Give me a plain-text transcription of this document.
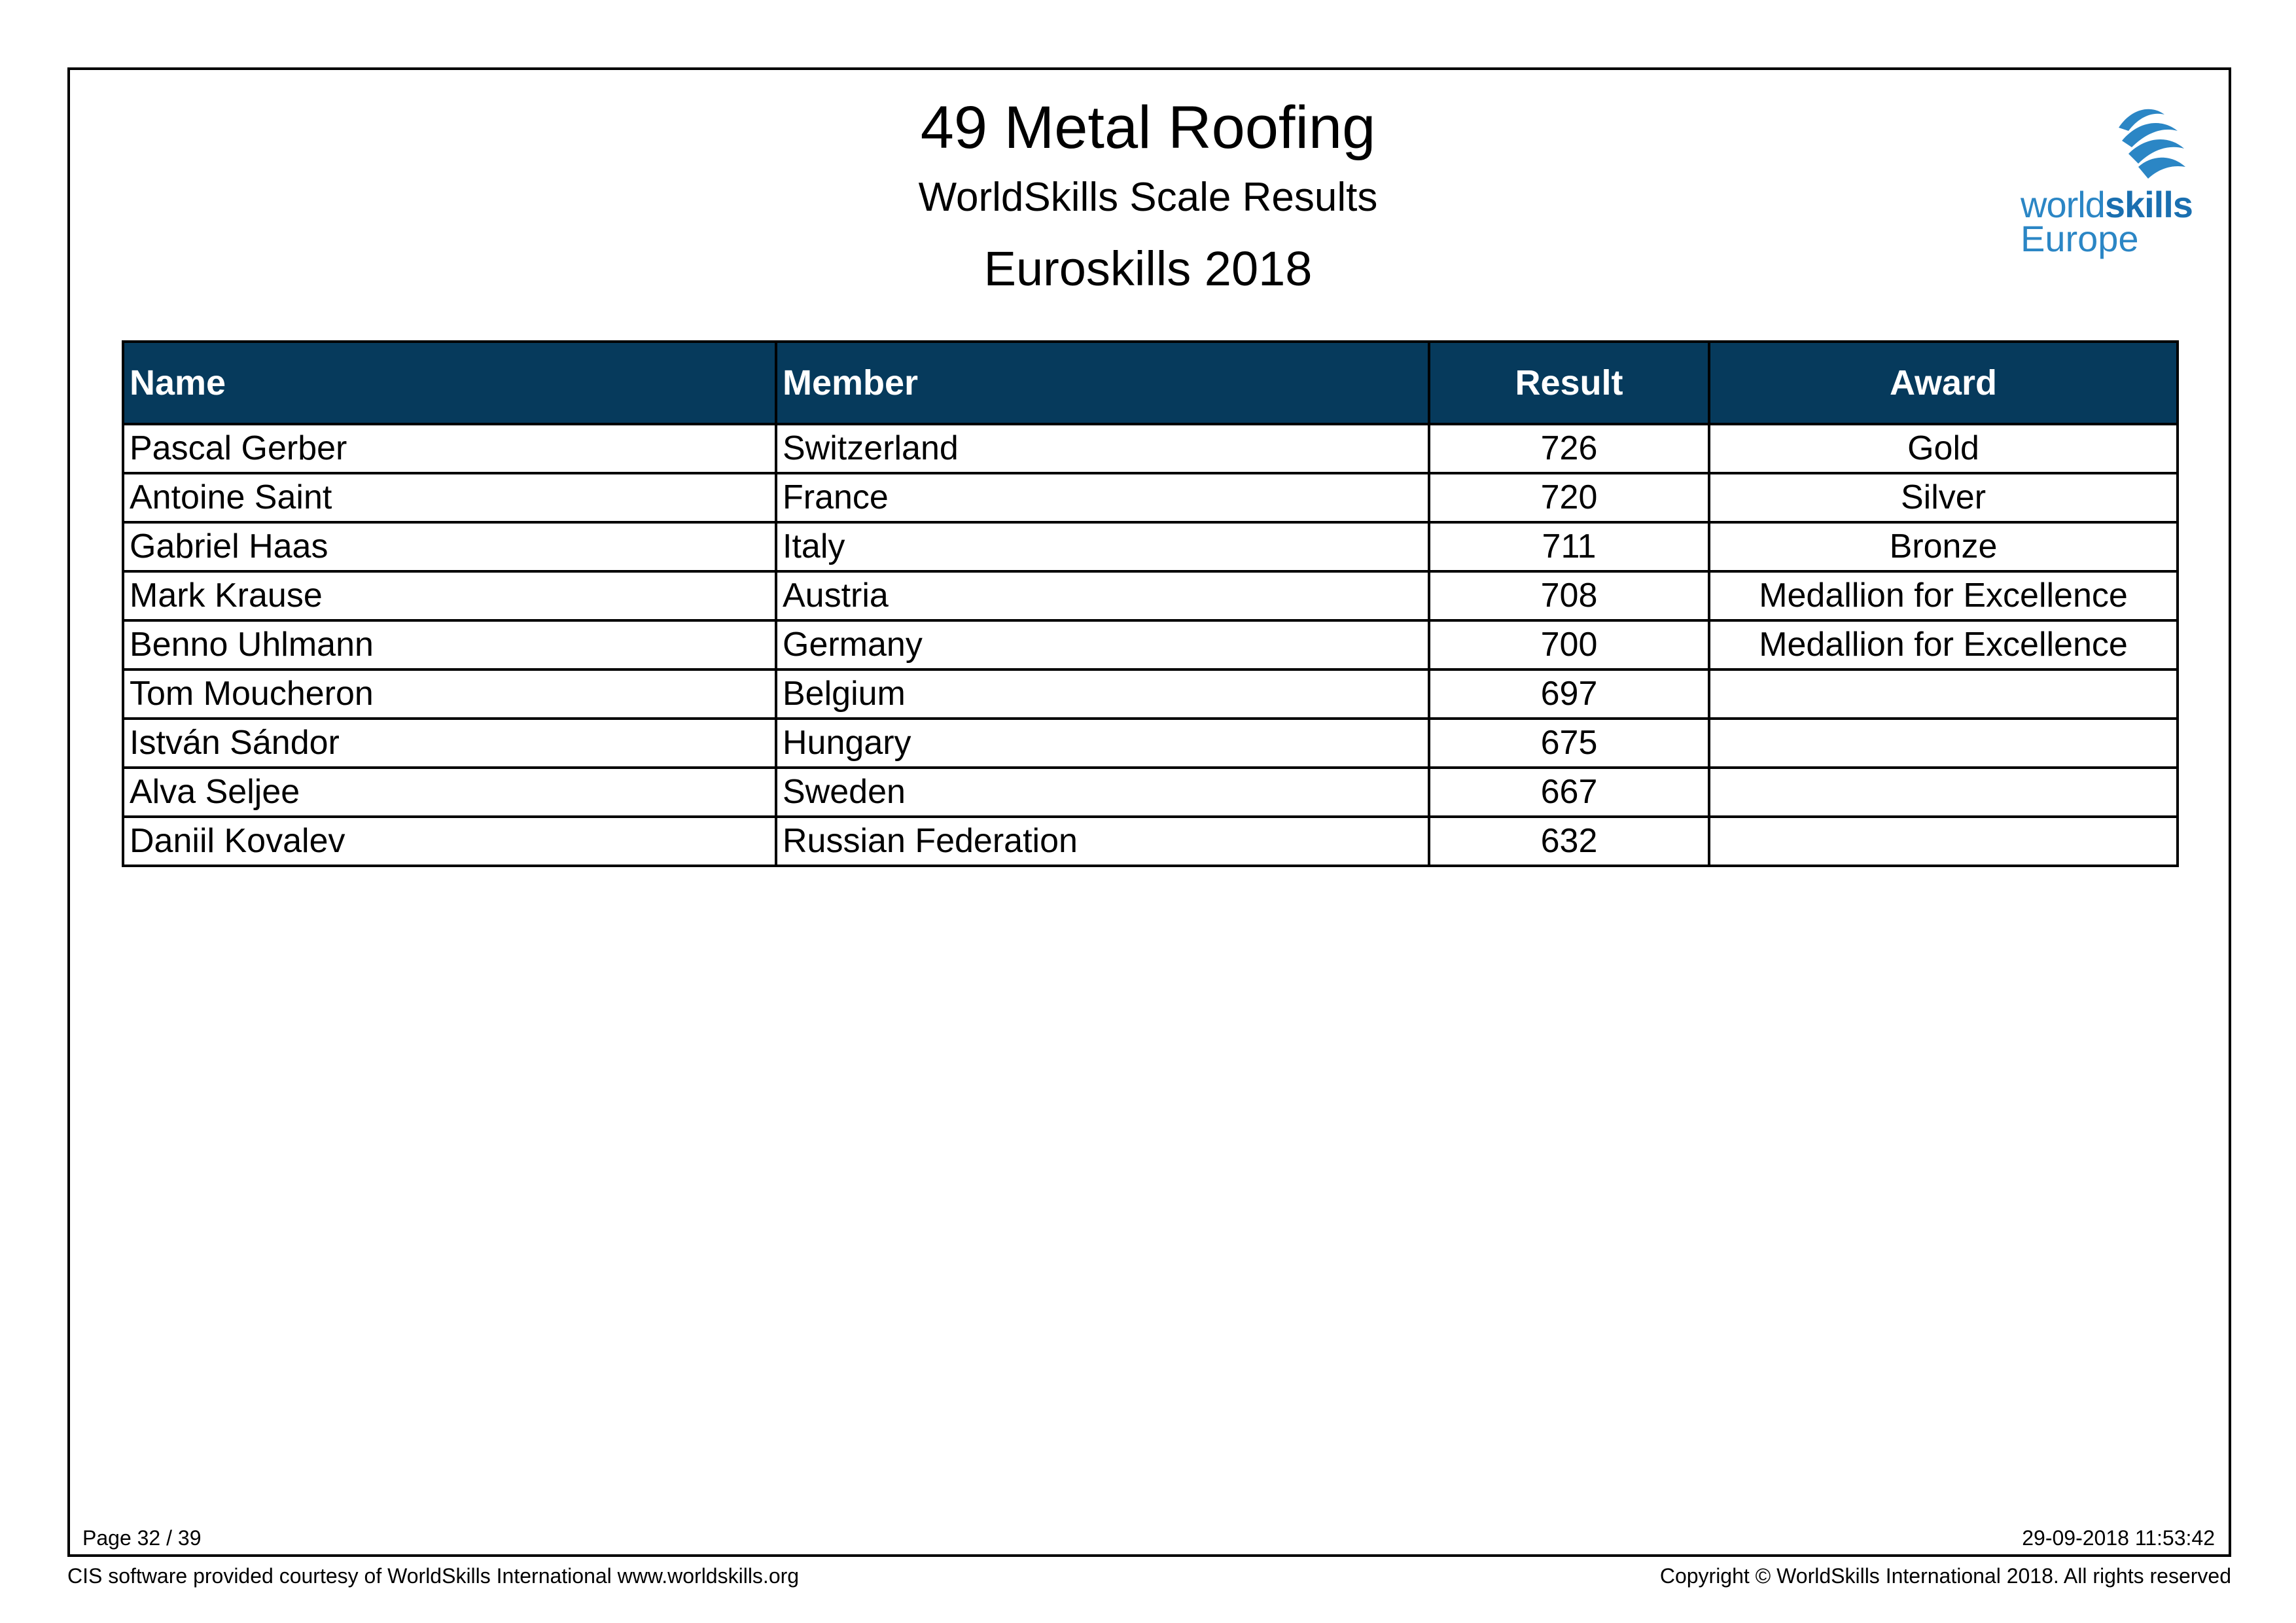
49 Metal Roofing
WorldSkills Scale Results
Euroskills 2018
worldskills
Europe
Name	Member	Result	Award
Pascal Gerber	Switzerland	726	Gold
Antoine Saint	France	720	Silver
Gabriel Haas	Italy	711	Bronze
Mark Krause	Austria	708	Medallion for Excellence
Benno Uhlmann	Germany	700	Medallion for Excellence
Tom Moucheron	Belgium	697	
István Sándor	Hungary	675	
Alva Seljee	Sweden	667	
Daniil Kovalev	Russian Federation	632	
Page 32 / 39	29-09-2018 11:53:42
CIS software provided courtesy of WorldSkills International www.worldskills.org	Copyright © WorldSkills International 2018. All rights reserved
